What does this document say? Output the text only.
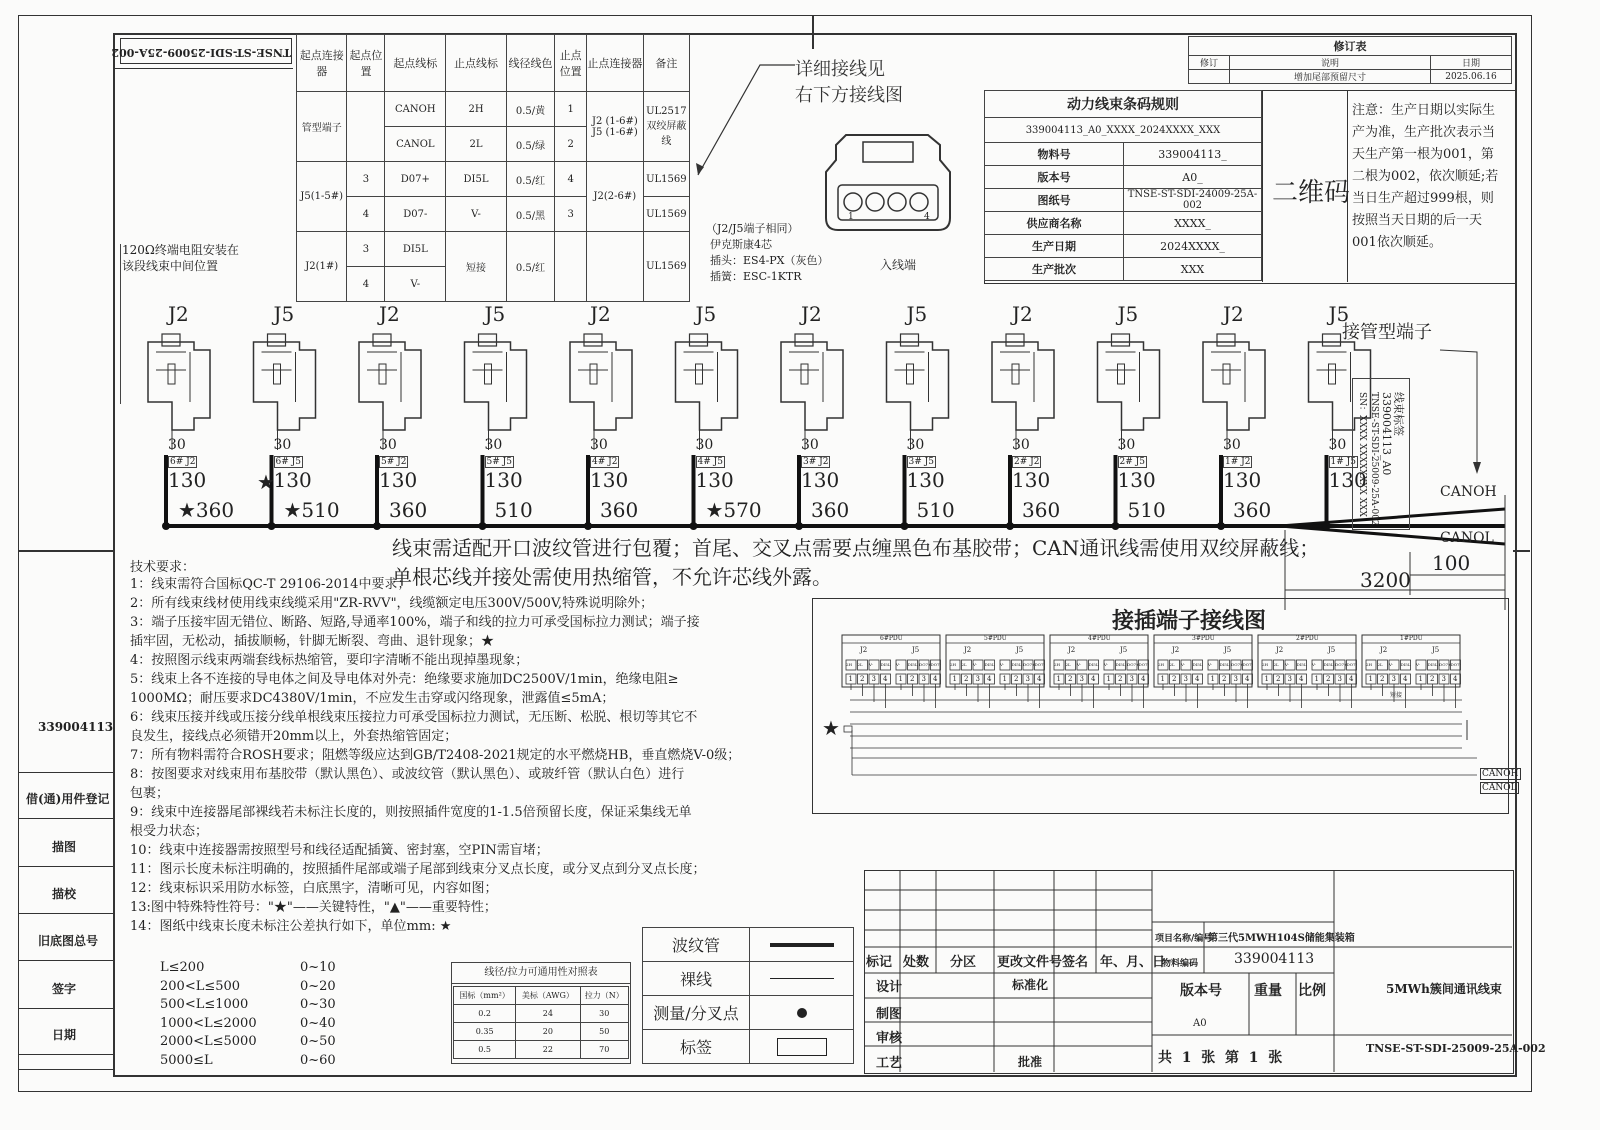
TNSE-ST-SDI-25009-25A-002 起点连接器	起点位置	起点线标	止点线标	线径线色	止点位置	止点连接器	备注
管型端子		CANOH	2H	0.5/黄	1	J2 (1-6#) J5 (1-6#)	UL2517 双绞屏蔽线
		CANOL	2L	0.5/绿	2		
J5(1-5#)	3	D07+	DI5L	0.5/红	4	J2(2-6#)	UL1569
	4	D07-	V-	0.5/黑	3		UL1569
J2(1#)	3	DI5L	短接	0.5/红			UL1569
	4	V-					
详细接线见
右下方接线图
1	4
（J2/J5端子相同）
伊克斯康4芯
插头：ES4-PX（灰色）
插簧：ESC-1KTR
入线端
120Ω终端电阻安装在
该段线束中间位置
修订表		
修订	说明	日期
	增加尾部预留尺寸	2025.06.16
动力线束条码规则	
339004113_A0_XXXX_2024XXXX_XXX	
物料号	339004113_
版本号	A0_
图纸号	TNSE-ST-SDI-24009-25A-002
供应商名称	XXXX_
生产日期	2024XXXX_
生产批次	XXX
二维码
注意：生产日期以实际生产为准，生产批次表示当天生产第一根为001，第二根为002，依次顺延;若当日生产超过999根，则按照当天日期的后一天001依次顺延。
J2
30
6# J2
130
J5
30
6# J5
130
J2
30
5# J2
130
J5
30
5# J5
130
J2
30
4# J2
130
J5
30
4# J5
130
J2
30
3# J2
130
J5
30
3# J5
130
J2
30
2# J2
130
J5
30
2# J5
130
J2
30
1# J2
130
J5
30
1# J5
130
★360 ★510 360	510	360	★570 360	510	360	510	360
★
接管型端子
CANOH
CANOL
100
3200
线束标签
339004113_A0
TNSE-ST-SDI-25009-25A-002
SN：XXXX XXXXXXXX XXX
线束需适配开口波纹管进行包覆；首尾、交叉点需要点缠黑色布基胶带；CAN通讯线需使用双绞屏蔽线；
单根芯线并接处需使用热缩管，不允许芯线外露。
技术要求：
1：线束需符合国标QC-T 29106-2014中要求；
2：所有线束线材使用线束线缆采用"ZR-RVV"，线缆额定电压300V/500V,特殊说明除外；
3：端子压接牢固无错位、断路、短路,导通率100%，端子和线的拉力可承受国标拉力测试；端子接
插牢固，无松动，插拔顺畅，针脚无断裂、弯曲、退针现象；★
4：按照图示线束两端套线标热缩管，要印字清晰不能出现掉墨现象；
5：线束上各不连接的导电体之间及导电体对外壳：绝缘要求施加DC2500V/1min，绝缘电阻≥
1000MΩ；耐压要求DC4380V/1min，不应发生击穿或闪络现象，泄露值≤5mA；
6：线束压接并线或压接分线单根线束压接拉力可承受国标拉力测试，无压断、松脱、根切等其它不
良发生，接线点必须错开20mm以上，外套热缩管固定；
7：所有物料需符合ROSH要求；阻燃等级应达到GB/T2408-2021规定的水平燃烧HB，垂直燃烧V-0级；
8：按图要求对线束用布基胶带（默认黑色）、或波纹管（默认黑色）、或玻纤管（默认白色）进行
包裹；
9：线束中连接器尾部裸线若未标注长度的，则按照插件宽度的1-1.5倍预留长度，保证采集线无单
根受力状态；
10：线束中连接器需按照型号和线径适配插簧、密封塞，空PIN需盲堵；
11：图示长度未标注明确的，按照插件尾部或端子尾部到线束分叉点长度，或分叉点到分叉点长度；
12：线束标识采用防水标签，白底黑字，清晰可见，内容如图；
13:图中特殊特性符号："★"——关键特性，"▲"——重要特性；
14：图纸中线束长度未标注公差执行如下，单位mm: ★
L≤200	0~10
200<L≤500	0~20
500<L≤1000	0~30
1000<L≤2000	0~40
2000<L≤5000	0~50
5000≤L	0~60
线径/拉力可通用性对照表
国标（mm²）	美标（AWG）	拉力（N）
0.2	24	30
0.35	20	50
0.5	22	70
波纹管	

裸线	

测量/分叉点	

标签	
接插端子接线图
6#PDU
J2	J5
2H 2L V- DI5L V- DI5L DO7+ DO7-
1 2 3 4 1 2 3 4
5#PDU
J2	J5
2H 2L V- DI5L V- DI5L DO7+ DO7-
1 2 3 4 1 2 3 4
4#PDU
J2	J5
2H 2L V- DI5L V- DI5L DO7+ DO7-
1 2 3 4 1 2 3 4
3#PDU
J2	J5
2H 2L V- DI5L V- DI5L DO7+ DO7-
1 2 3 4 1 2 3 4
2#PDU
J2	J5
2H 2L V- DI5L V- DI5L DO7+ DO7-
1 2 3 4 1 2 3 4
1#PDU
J2	J5
2H 2L V- DI5L V- DI5L DO7+ DO7-
1 2 3 4 1 2 3 4
短接
★
CANOH
CANOL
标记 处数 分区 更改文件号 签名 年、月、日
设计
制图
审核
工艺
标准化
批准
项目名称/编号
第三代5MWH104S储能集装箱
物料编码	339004113
版本号 重量 比例
A0
5MWh簇间通讯线束
TNSE-ST-SDI-25009-25A-002
共  1  张  第  1  张
339004113
借(通)用件登记
描图
描校
旧底图总号
签字
日期
